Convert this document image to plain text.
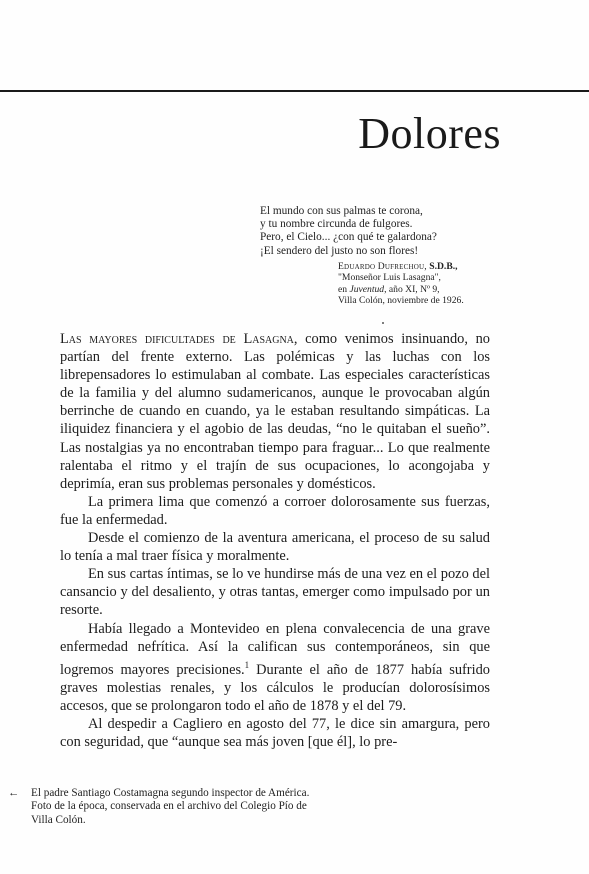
Dolores
El mundo con sus palmas te corona,
y tu nombre circunda de fulgores.
Pero, el Cielo... ¿con qué te galardona?
¡El sendero del justo no son flores!
Eduardo Dufrechou, S.D.B.,
"Monseñor Luis Lasagna",
en Juventud, año XI, Nº 9,
Villa Colón, noviembre de 1926.

Las mayores dificultades de Lasagna, como venimos insinuando, no partían del frente externo. Las polémicas y las luchas con los librepensadores lo estimulaban al combate. Las especiales características de la familia y del alumno sudamericanos, aunque le provocaban algún berrinche de cuando en cuando, ya le estaban resultando simpáticas. La iliquidez financiera y el agobio de las deudas, “no le quitaban el sueño”. Las nostalgias ya no encontraban tiempo para fraguar... Lo que realmente ralentaba el ritmo y el trajín de sus ocupaciones, lo acongojaba y deprimía, eran sus problemas personales y domésticos.

La primera lima que comenzó a corroer dolorosamente sus fuerzas, fue la enfermedad.

Desde el comienzo de la aventura americana, el proceso de su salud lo tenía a mal traer física y moralmente.

En sus cartas íntimas, se lo ve hundirse más de una vez en el pozo del cansancio y del desaliento, y otras tantas, emerger como impulsado por un resorte.

Había llegado a Montevideo en plena convalecencia de una grave enfermedad nefrítica. Así la califican sus contemporáneos, sin que logremos mayores precisiones.$^1$ Durante el año de 1877 había sufrido graves molestias renales, y los cálculos le producían dolorosísimos accesos, que se prolongaron todo el año de 1878 y el del 79.

Al despedir a Cagliero en agosto del 77, le dice sin amargura, pero con seguridad, que “aunque sea más joven [que él], lo pre-

←	El padre Santiago Costamagna segundo inspector de América.
Foto de la época, conservada en el archivo del Colegio Pío de
Villa Colón.
